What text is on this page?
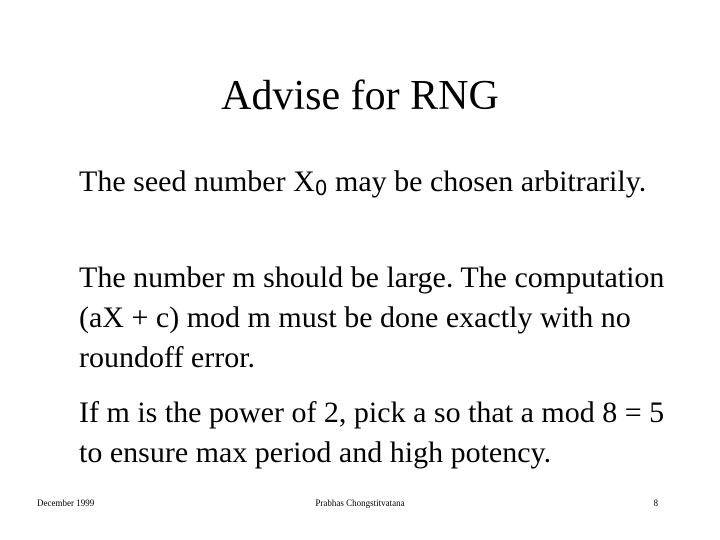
Advise for RNG
The seed number X0 may be chosen arbitrarily.
The number m should be large. The computation (aX + c) mod m must be done exactly with no roundoff error.
If m is the power of 2, pick a so that a mod 8 = 5 to ensure max period and high potency.
December 1999	Prabhas Chongstitvatana	8
